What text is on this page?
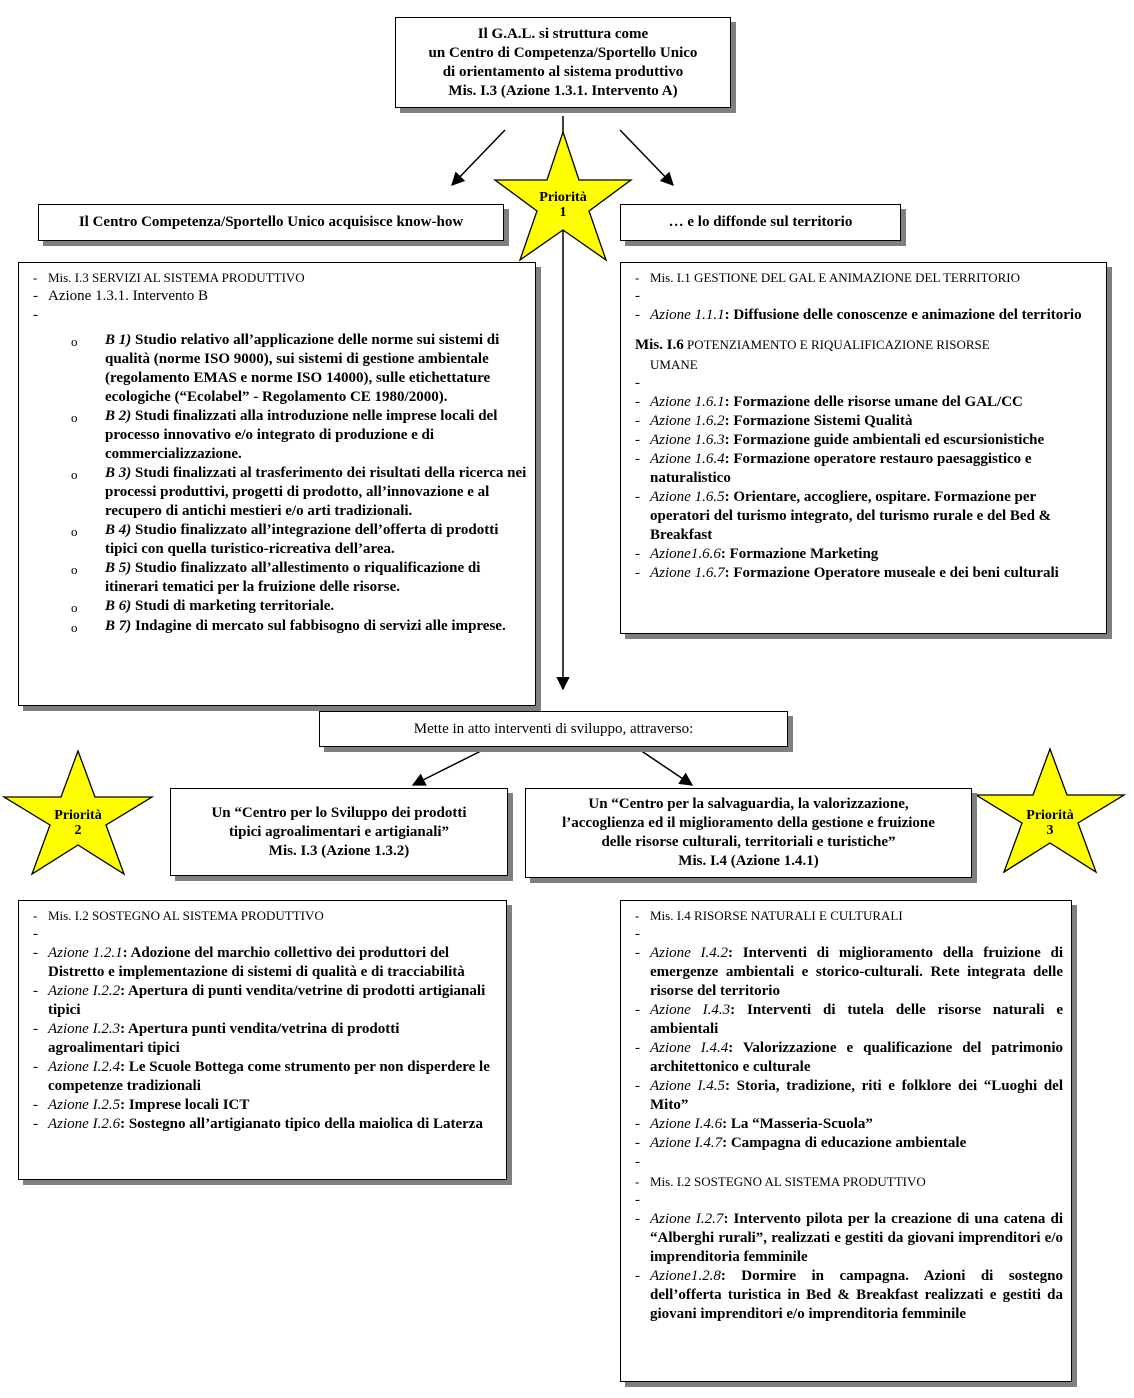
Il G.A.L. si struttura come
un Centro di Competenza/Sportello Unico
di orientamento al sistema produttivo
Mis. I.3 (Azione 1.3.1. Intervento A)
Il Centro Competenza/Sportello Unico acquisisce know-how	… e lo diffonde sul territorio
Priorità
1
Priorità
2
Priorità
3
- Mis. I.3 SERVIZI AL SISTEMA PRODUTTIVO
- Azione 1.3.1. Intervento B
-
o	B 1) Studio relativo all’applicazione delle norme sui sistemi di qualità (norme ISO 9000), sui sistemi di gestione ambientale (regolamento EMAS e norme ISO 14000), sulle etichettature ecologiche (“Ecolabel” - Regolamento CE 1980/2000).
o	B 2) Studi finalizzati alla introduzione nelle imprese locali del processo innovativo e/o integrato di produzione e di commercializzazione.
o	B 3) Studi finalizzati al trasferimento dei risultati della ricerca nei processi produttivi, progetti di prodotto, all’innovazione e al recupero di antichi mestieri e/o arti tradizionali.
o	B 4) Studio finalizzato all’integrazione dell’offerta di prodotti tipici con quella turistico-ricreativa dell’area.
o	B 5) Studio finalizzato all’allestimento o riqualificazione di itinerari tematici per la fruizione delle risorse.
o	B 6) Studi di marketing territoriale.
o	B 7) Indagine di mercato sul fabbisogno di servizi alle imprese.
- Mis. I.1 GESTIONE DEL GAL E ANIMAZIONE DEL TERRITORIO
-
- Azione 1.1.1: Diffusione delle conoscenze e animazione del territorio
Mis. I.6 POTENZIAMENTO E RIQUALIFICAZIONE RISORSE
UMANE
-
- Azione 1.6.1: Formazione delle risorse umane del GAL/CC
- Azione 1.6.2: Formazione Sistemi Qualità
- Azione 1.6.3: Formazione guide ambientali ed escursionistiche
- Azione 1.6.4: Formazione operatore restauro paesaggistico e naturalistico
- Azione 1.6.5: Orientare, accogliere, ospitare. Formazione per operatori del turismo integrato, del turismo rurale e del Bed & Breakfast
- Azione1.6.6: Formazione Marketing
- Azione 1.6.7: Formazione Operatore museale e dei beni culturali
Mette in atto interventi di sviluppo, attraverso:
Un “Centro per lo Sviluppo dei prodotti
tipici agroalimentari e artigianali”
Mis. I.3 (Azione 1.3.2)
Un “Centro per la salvaguardia, la valorizzazione,
l’accoglienza ed il miglioramento della gestione e fruizione
delle risorse culturali, territoriali e turistiche”
Mis. I.4 (Azione 1.4.1)
- Mis. I.2 SOSTEGNO AL SISTEMA PRODUTTIVO
-
- Azione 1.2.1: Adozione del marchio collettivo dei produttori del Distretto e implementazione di sistemi di qualità e di tracciabilità
- Azione I.2.2: Apertura di punti vendita/vetrine di prodotti artigianali tipici
- Azione I.2.3: Apertura punti vendita/vetrina di prodotti agroalimentari tipici
- Azione I.2.4: Le Scuole Bottega come strumento per non disperdere le competenze tradizionali
- Azione I.2.5: Imprese locali ICT
- Azione I.2.6: Sostegno all’artigianato tipico della maiolica di Laterza
- Mis. I.4 RISORSE NATURALI E CULTURALI
-
- Azione I.4.2: Interventi di miglioramento della fruizione di emergenze ambientali e storico-culturali. Rete integrata delle risorse del territorio
- Azione I.4.3: Interventi di tutela delle risorse naturali e ambientali
- Azione I.4.4: Valorizzazione e qualificazione del patrimonio architettonico e culturale
- Azione I.4.5: Storia, tradizione, riti e folklore dei “Luoghi del Mito”
- Azione I.4.6: La “Masseria-Scuola”
- Azione I.4.7: Campagna di educazione ambientale
-
- Mis. I.2 SOSTEGNO AL SISTEMA PRODUTTIVO
-
- Azione I.2.7: Intervento pilota per la creazione di una catena di “Alberghi rurali”, realizzati e gestiti da giovani imprenditori e/o imprenditoria femminile
- Azione1.2.8: Dormire in campagna. Azioni di sostegno dell’offerta turistica in Bed & Breakfast realizzati e gestiti da giovani imprenditori e/o imprenditoria femminile
